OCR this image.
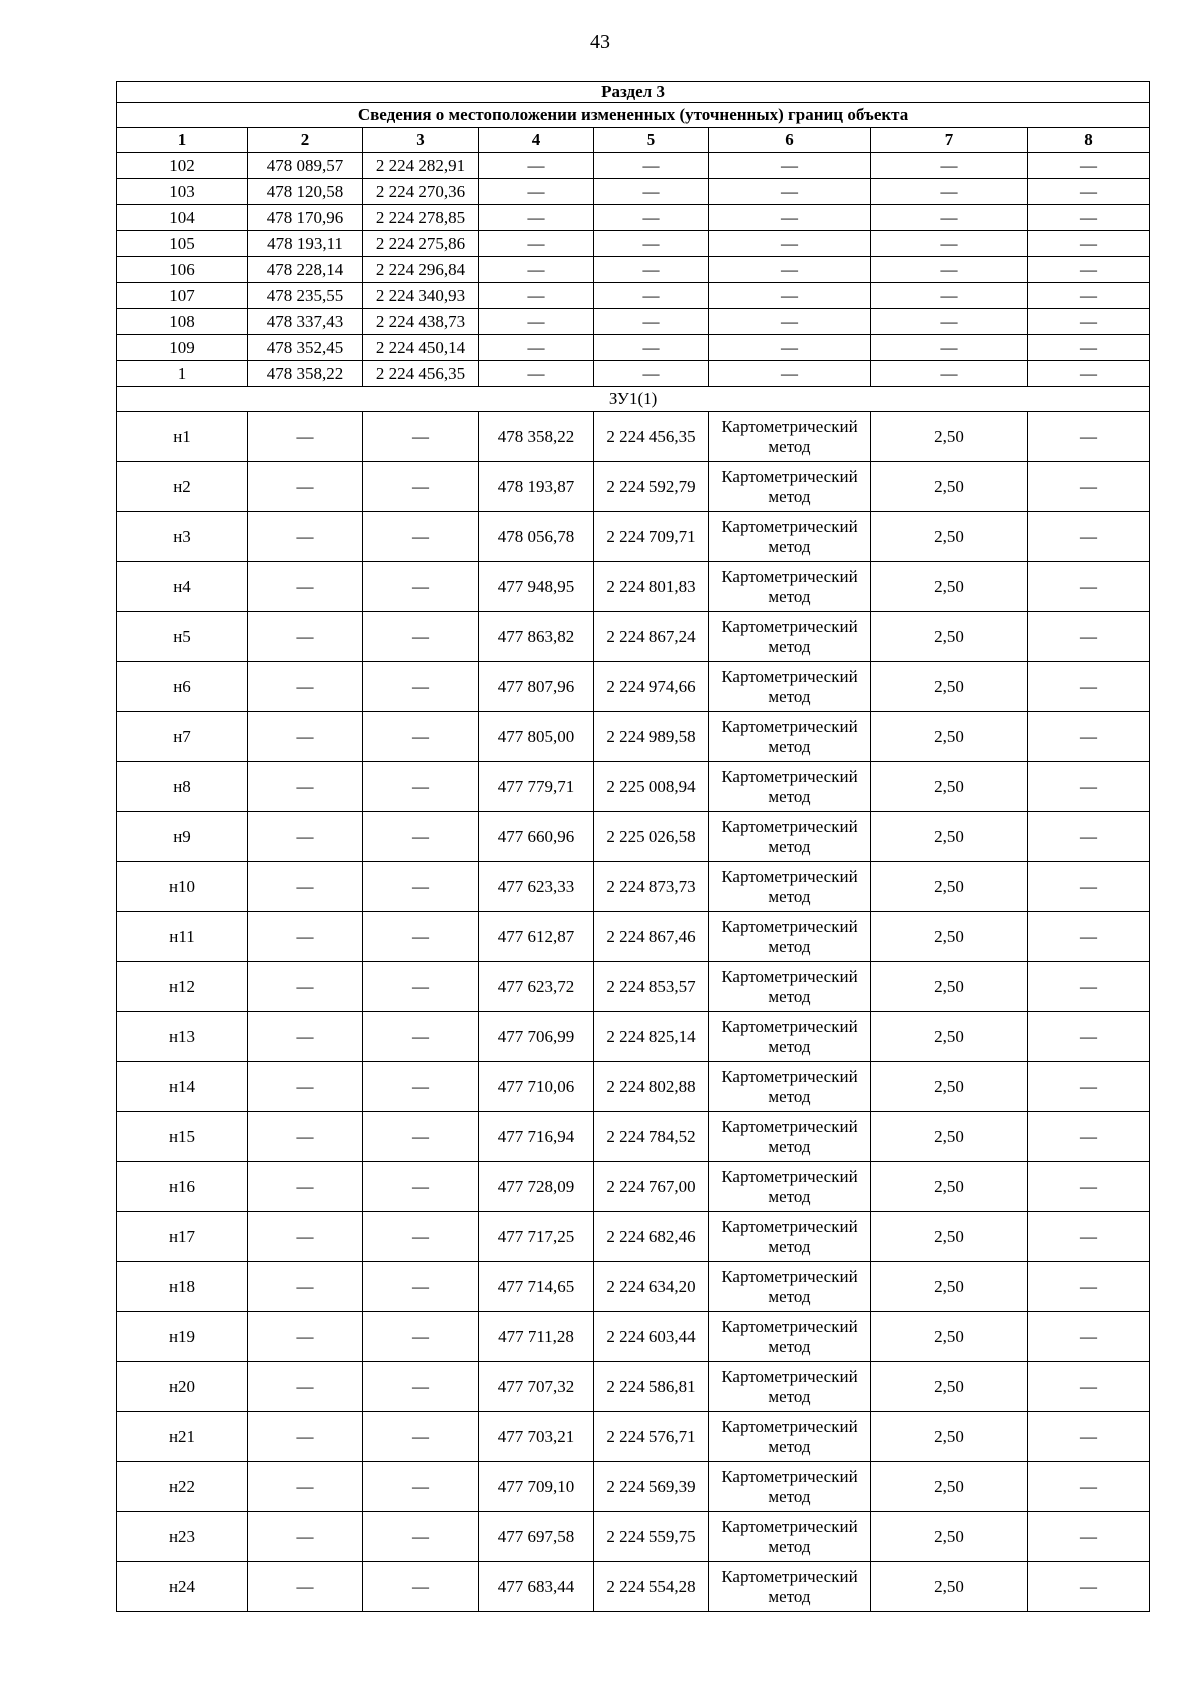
43
Раздел 3							
Сведения о местоположении измененных (уточненных) границ объекта							
1	2	3	4	5	6	7	8
102	478 089,57	2 224 282,91	—	—	—	—	—
103	478 120,58	2 224 270,36	—	—	—	—	—
104	478 170,96	2 224 278,85	—	—	—	—	—
105	478 193,11	2 224 275,86	—	—	—	—	—
106	478 228,14	2 224 296,84	—	—	—	—	—
107	478 235,55	2 224 340,93	—	—	—	—	—
108	478 337,43	2 224 438,73	—	—	—	—	—
109	478 352,45	2 224 450,14	—	—	—	—	—
1	478 358,22	2 224 456,35	—	—	—	—	—
ЗУ1(1)							
н1	—	—	478 358,22	2 224 456,35	Картометрический метод	2,50	—
н2	—	—	478 193,87	2 224 592,79	Картометрический метод	2,50	—
н3	—	—	478 056,78	2 224 709,71	Картометрический метод	2,50	—
н4	—	—	477 948,95	2 224 801,83	Картометрический метод	2,50	—
н5	—	—	477 863,82	2 224 867,24	Картометрический метод	2,50	—
н6	—	—	477 807,96	2 224 974,66	Картометрический метод	2,50	—
н7	—	—	477 805,00	2 224 989,58	Картометрический метод	2,50	—
н8	—	—	477 779,71	2 225 008,94	Картометрический метод	2,50	—
н9	—	—	477 660,96	2 225 026,58	Картометрический метод	2,50	—
н10	—	—	477 623,33	2 224 873,73	Картометрический метод	2,50	—
н11	—	—	477 612,87	2 224 867,46	Картометрический метод	2,50	—
н12	—	—	477 623,72	2 224 853,57	Картометрический метод	2,50	—
н13	—	—	477 706,99	2 224 825,14	Картометрический метод	2,50	—
н14	—	—	477 710,06	2 224 802,88	Картометрический метод	2,50	—
н15	—	—	477 716,94	2 224 784,52	Картометрический метод	2,50	—
н16	—	—	477 728,09	2 224 767,00	Картометрический метод	2,50	—
н17	—	—	477 717,25	2 224 682,46	Картометрический метод	2,50	—
н18	—	—	477 714,65	2 224 634,20	Картометрический метод	2,50	—
н19	—	—	477 711,28	2 224 603,44	Картометрический метод	2,50	—
н20	—	—	477 707,32	2 224 586,81	Картометрический метод	2,50	—
н21	—	—	477 703,21	2 224 576,71	Картометрический метод	2,50	—
н22	—	—	477 709,10	2 224 569,39	Картометрический метод	2,50	—
н23	—	—	477 697,58	2 224 559,75	Картометрический метод	2,50	—
н24	—	—	477 683,44	2 224 554,28	Картометрический метод	2,50	—
